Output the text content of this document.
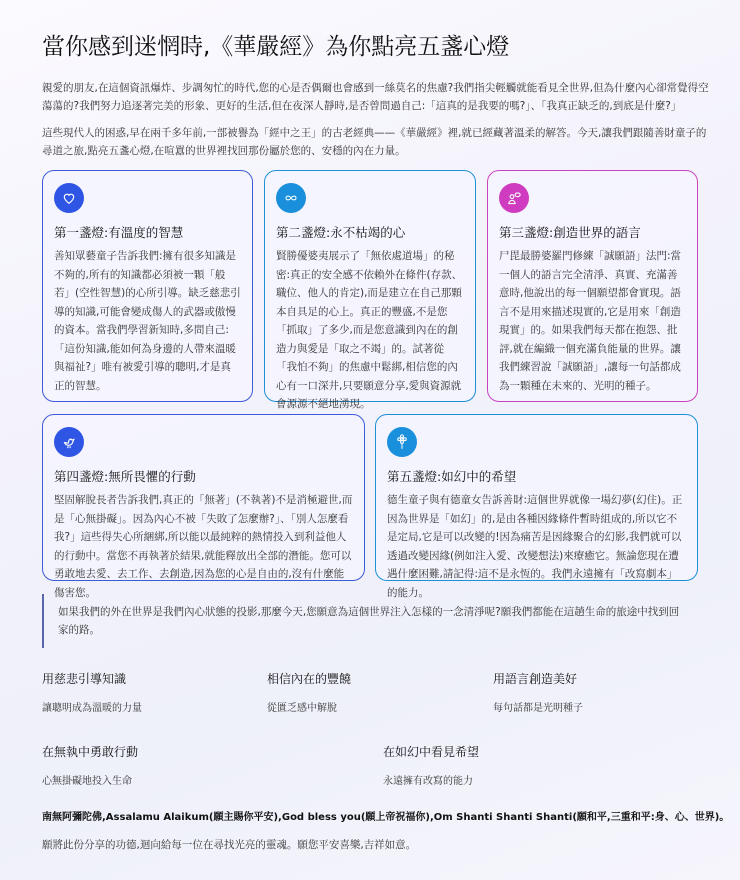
當你感到迷惘時,《華嚴經》為你點亮五盞心燈

親愛的朋友,在這個資訊爆炸、步調匆忙的時代,您的心是否偶爾也會感到一絲莫名的焦慮?我們指尖輕觸就能看見全世界,但為什麼內心卻常覺得空蕩蕩的?我們努力追逐著完美的形象、更好的生活,但在夜深人靜時,是否曾問過自己:「這真的是我要的嗎?」、「我真正缺乏的,到底是什麼?」

這些現代人的困惑,早在兩千多年前,一部被譽為「經中之王」的古老經典——《華嚴經》裡,就已經藏著溫柔的解答。今天,讓我們跟隨善財童子的尋道之旅,點亮五盞心燈,在喧囂的世界裡找回那份屬於您的、安穩的內在力量。

第一盞燈:有溫度的智慧

善知眾藝童子告訴我們:擁有很多知識是不夠的,所有的知識都必須被一顆「般若」(空性智慧)的心所引導。缺乏慈悲引導的知識,可能會變成傷人的武器或傲慢的資本。當我們學習新知時,多問自己:「這份知識,能如何為身邊的人帶來溫暖與福祉?」唯有被愛引導的聰明,才是真正的智慧。

第二盞燈:永不枯竭的心

賢勝優婆夷展示了「無依處道場」的秘密:真正的安全感不依賴外在條件(存款、職位、他人的肯定),而是建立在自己那顆本自具足的心上。真正的豐盛,不是您「抓取」了多少,而是您意識到內在的創造力與愛是「取之不竭」的。試著從「我怕不夠」的焦慮中鬆綁,相信您的內心有一口深井,只要願意分享,愛與資源就會源源不絕地湧現。

第三盞燈:創造世界的語言

尸毘最勝婆羅門修練「誠願語」法門:當一個人的語言完全清淨、真實、充滿善意時,他說出的每一個願望都會實現。語言不是用來描述現實的,它是用來「創造現實」的。如果我們每天都在抱怨、批評,就在編織一個充滿負能量的世界。讓我們練習說「誠願語」,讓每一句話都成為一顆種在未來的、光明的種子。

第四盞燈:無所畏懼的行動

堅固解脫長者告訴我們,真正的「無著」(不執著)不是消極避世,而是「心無掛礙」。因為內心不被「失敗了怎麼辦?」、「別人怎麼看我?」這些得失心所綑綁,所以能以最純粹的熱情投入到利益他人的行動中。當您不再執著於結果,就能釋放出全部的潛能。您可以勇敢地去愛、去工作、去創造,因為您的心是自由的,沒有什麼能傷害您。

第五盞燈:如幻中的希望

德生童子與有德童女告訴善財:這個世界就像一場幻夢(幻住)。正因為世界是「如幻」的,是由各種因緣條件暫時組成的,所以它不是定局,它是可以改變的!因為痛苦是因緣聚合的幻影,我們就可以透過改變因緣(例如注入愛、改變想法)來療癒它。無論您現在遭遇什麼困難,請記得:這不是永恆的。我們永遠擁有「改寫劇本」的能力。

如果我們的外在世界是我們內心狀態的投影,那麼今天,您願意為這個世界注入怎樣的一念清淨呢?願我們都能在這趟生命的旅途中找到回家的路。
用慈悲引導知識
讓聰明成為溫暖的力量
相信內在的豐饒
從匱乏感中解脫
用語言創造美好
每句話都是光明種子
在無執中勇敢行動
心無掛礙地投入生命
在如幻中看見希望
永遠擁有改寫的能力

南無阿彌陀佛,Assalamu Alaikum(願主賜你平安),God bless you(願上帝祝福你),Om Shanti Shanti Shanti(願和平,三重和平:身、心、世界)。

願將此份分享的功德,迴向給每一位在尋找光亮的靈魂。願您平安喜樂,吉祥如意。
